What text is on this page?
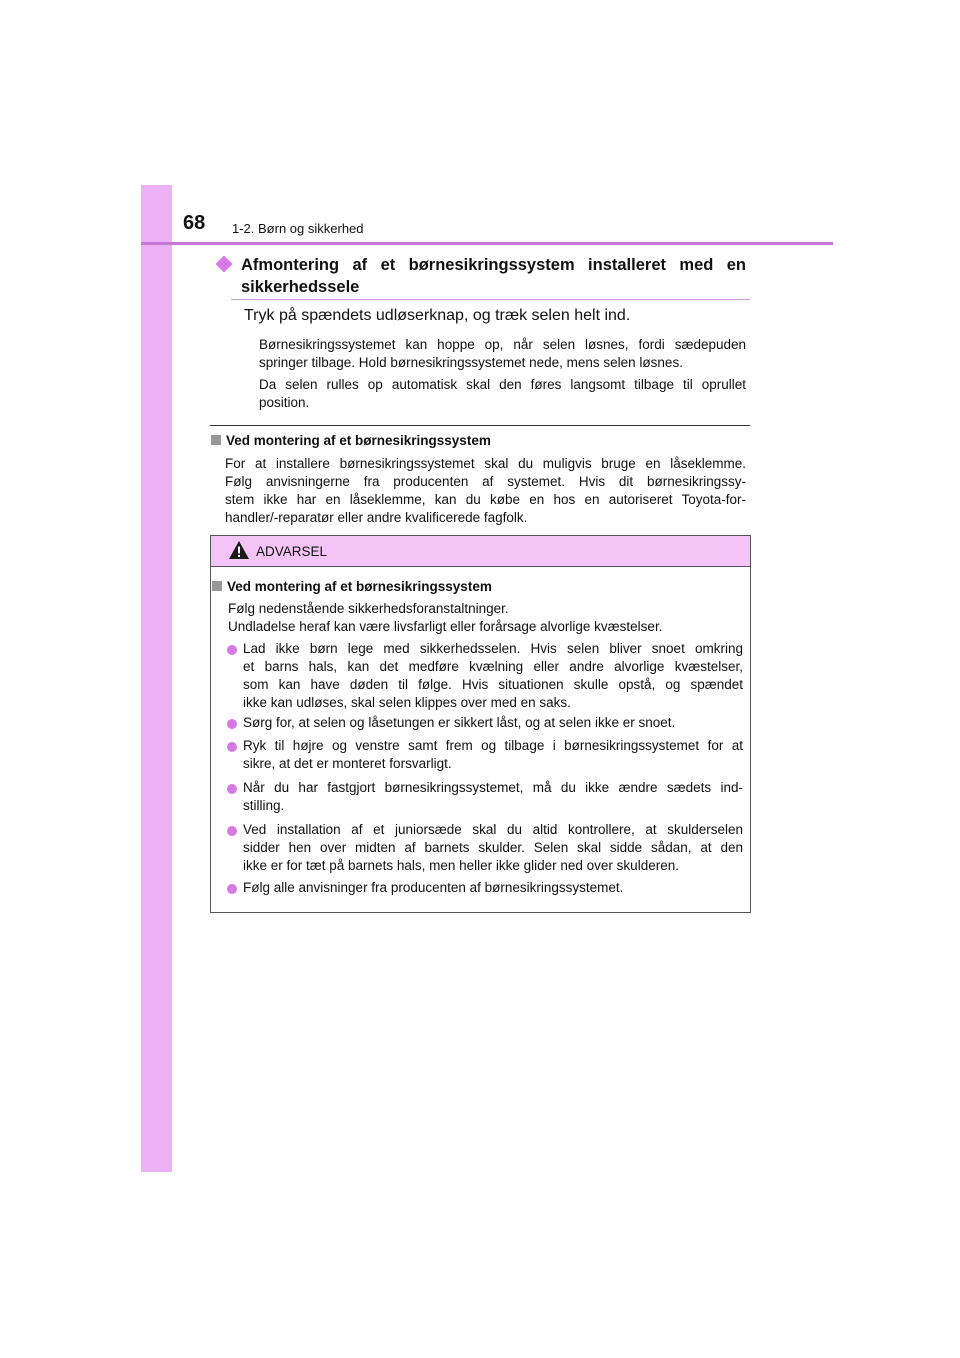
68 1-2. Børn og sikkerhed
Afmontering af et børnesikringssystem installeret med en
sikkerhedssele
Tryk på spændets udløserknap, og træk selen helt ind.
Børnesikringssystemet kan hoppe op, når selen løsnes, fordi sædepuden
springer tilbage. Hold børnesikringssystemet nede, mens selen løsnes.
Da selen rulles op automatisk skal den føres langsomt tilbage til oprullet
position.
Ved montering af et børnesikringssystem
For at installere børnesikringssystemet skal du muligvis bruge en låseklemme.
Følg anvisningerne fra producenten af systemet. Hvis dit børnesikringssy-
stem ikke har en låseklemme, kan du købe en hos en autoriseret Toyota-for-
handler/-reparatør eller andre kvalificerede fagfolk.
ADVARSEL
Ved montering af et børnesikringssystem
Følg nedenstående sikkerhedsforanstaltninger.
Undladelse heraf kan være livsfarligt eller forårsage alvorlige kvæstelser.
Lad ikke børn lege med sikkerhedsselen. Hvis selen bliver snoet omkring
et barns hals, kan det medføre kvælning eller andre alvorlige kvæstelser,
som kan have døden til følge. Hvis situationen skulle opstå, og spændet
ikke kan udløses, skal selen klippes over med en saks.
Sørg for, at selen og låsetungen er sikkert låst, og at selen ikke er snoet.
Ryk til højre og venstre samt frem og tilbage i børnesikringssystemet for at
sikre, at det er monteret forsvarligt.
Når du har fastgjort børnesikringssystemet, må du ikke ændre sædets ind-
stilling.
Ved installation af et juniorsæde skal du altid kontrollere, at skulderselen
sidder hen over midten af barnets skulder. Selen skal sidde sådan, at den
ikke er for tæt på barnets hals, men heller ikke glider ned over skulderen.
Følg alle anvisninger fra producenten af børnesikringssystemet.
